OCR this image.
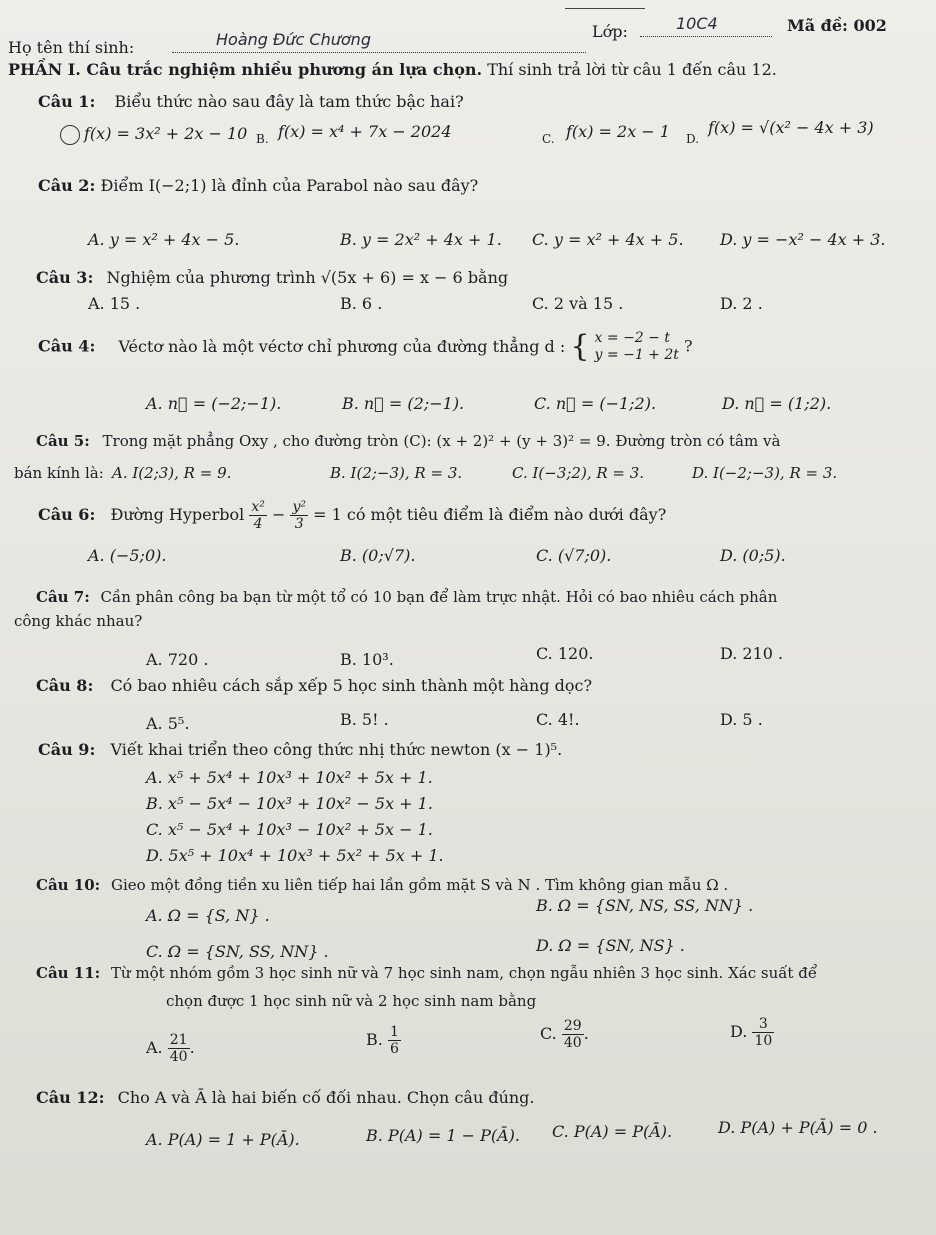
Họ tên thí sinh:	Hoàng Đức Chương	Lớp:	10C4	Mã đề: 002
PHẦN I. Câu trắc nghiệm nhiều phương án lựa chọn. Thí sinh trả lời từ câu 1 đến câu 12.
Câu 1: Biểu thức nào sau đây là tam thức bậc hai?
f(x) = 3x² + 2x − 10 B. f(x) = x⁴ + 7x − 2024	C. f(x) = 2x − 1 D.
f(x) = √(x² − 4x + 3)
Câu 2: Điểm I(−2;1) là đỉnh của Parabol nào sau đây?
A. y = x² + 4x − 5.	B. y = 2x² + 4x + 1. C. y = x² + 4x + 5. D. y = −x² − 4x + 3.
Câu 3: Nghiệm của phương trình √(5x + 6) = x − 6 bằng
A. 15 .	B. 6 .	C. 2 và 15 .	D. 2 .
Câu 4: Véctơ nào là một véctơ chỉ phương của đường thẳng d : { x = −2 − t
y = −1 + 2t ?
A. n⃗ = (−2;−1).	B. n⃗ = (2;−1).	C. n⃗ = (−1;2).	D. n⃗ = (1;2).
Câu 5: Trong mặt phẳng Oxy , cho đường tròn (C): (x + 2)² + (y + 3)² = 9. Đường tròn có tâm và
bán kính là: A. I(2;3), R = 9.	B. I(2;−3), R = 3.	C. I(−3;2), R = 3.	D. I(−2;−3), R = 3.
Câu 6: Đường Hyperbol $\frac{\text{x²}}{4} - \frac{\text{y²}}{3} = 1$ có một tiêu điểm là điểm nào dưới đây?
A. (−5;0).	B. (0;√7).	C. (√7;0).	D. (0;5).
Câu 7: Cần phân công ba bạn từ một tổ có 10 bạn để làm trực nhật. Hỏi có bao nhiêu cách phân
công khác nhau?
A. 720 .	B. 10³.	C. 120.	D. 210 .
Câu 8: Có bao nhiêu cách sắp xếp 5 học sinh thành một hàng dọc?
A. 5⁵.	B. 5! .	C. 4!.	D. 5 .
Câu 9: Viết khai triển theo công thức nhị thức newton (x − 1)⁵.
A. x⁵ + 5x⁴ + 10x³ + 10x² + 5x + 1.
B. x⁵ − 5x⁴ − 10x³ + 10x² − 5x + 1.
C. x⁵ − 5x⁴ + 10x³ − 10x² + 5x − 1.
D. 5x⁵ + 10x⁴ + 10x³ + 5x² + 5x + 1.
Câu 10: Gieo một đồng tiền xu liên tiếp hai lần gồm mặt S và N . Tìm không gian mẫu Ω .
A. Ω = {S, N} .
B. Ω = {SN, NS, SS, NN} .
C. Ω = {SN, SS, NN} .	D. Ω = {SN, NS} .
Câu 11: Từ một nhóm gồm 3 học sinh nữ và 7 học sinh nam, chọn ngẫu nhiên 3 học sinh. Xác suất để
chọn được 1 học sinh nữ và 2 học sinh nam bằng
A. $\frac{21}{40}$ .	B. $\frac{1}{6}$	C. $\frac{29}{40}$ .	D. $\frac{3}{10}$
Câu 12: Cho A và Ā là hai biến cố đối nhau. Chọn câu đúng.
A. P(A) = 1 + P(Ā).	B. P(A) = 1 − P(Ā). C. P(A) = P(Ā).	D. P(A) + P(Ā) = 0 .
